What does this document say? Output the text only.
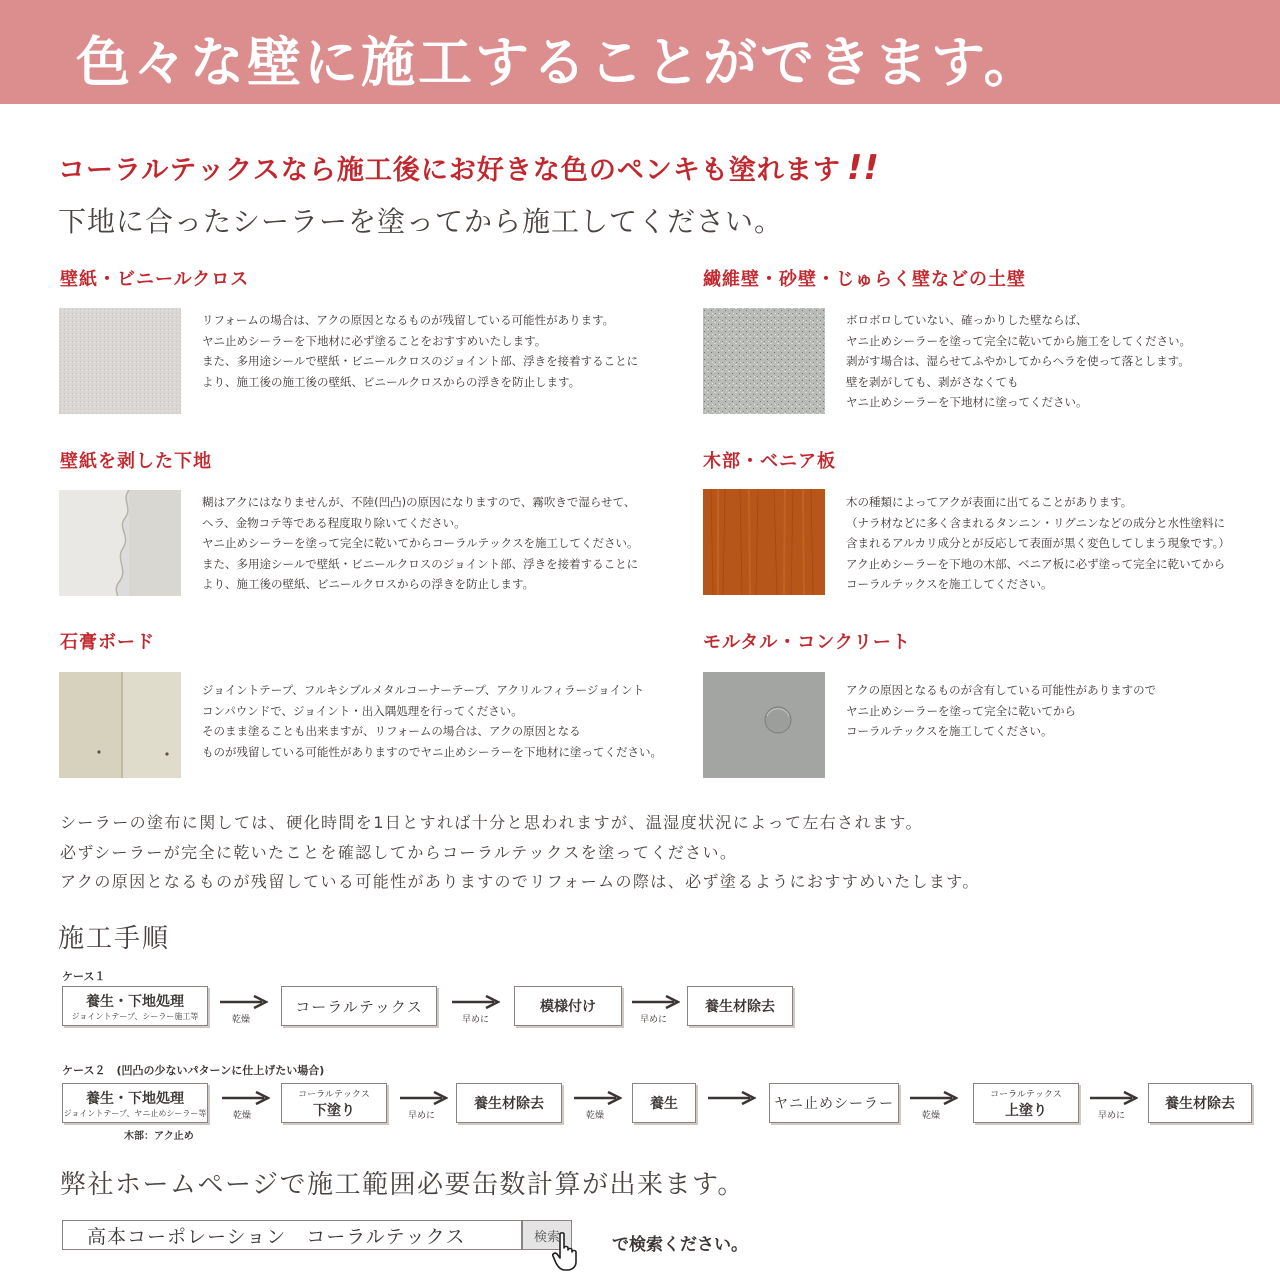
色々な壁に施工することができます。
コーラルテックスなら施工後にお好きな色のペンキも塗れます !!
下地に合ったシーラーを塗ってから施工してください。
壁紙・ビニールクロス
リフォームの場合は、アクの原因となるものが残留している可能性があります。
ヤニ止めシーラーを下地材に必ず塗ることをおすすめいたします。
また、多用途シールで壁紙・ビニールクロスのジョイント部、浮きを接着することに
より、施工後の施工後の壁紙、ビニールクロスからの浮きを防止します。
繊維壁・砂壁・じゅらく壁などの土壁
ボロボロしていない、確っかりした壁ならば、
ヤニ止めシーラーを塗って完全に乾いてから施工をしてください。
剥がす場合は、湿らせてふやかしてからヘラを使って落とします。
壁を剥がしても、剥がさなくても
ヤニ止めシーラーを下地材に塗ってください。
壁紙を剥した下地
糊はアクにはなりませんが、不陸(凹凸)の原因になりますので、霧吹きで湿らせて、
ヘラ、金物コテ等である程度取り除いてください。
ヤニ止めシーラーを塗って完全に乾いてからコーラルテックスを施工してください。
また、多用途シールで壁紙・ビニールクロスのジョイント部、浮きを接着することに
より、施工後の壁紙、ビニールクロスからの浮きを防止します。
木部・ベニア板
木の種類によってアクが表面に出てることがあります。
（ナラ材などに多く含まれるタンニン・リグニンなどの成分と水性塗料に
含まれるアルカリ成分とが反応して表面が黒く変色してしまう現象です。）
アク止めシーラーを下地の木部、ベニア板に必ず塗って完全に乾いてから
コーラルテックスを施工してください。
石膏ボード
ジョイントテープ、フルキシブルメタルコーナーテープ、アクリルフィラージョイント
コンパウンドで、ジョイント・出入隅処理を行ってください。
そのまま塗ることも出来ますが、リフォームの場合は、アクの原因となる
ものが残留している可能性がありますのでヤニ止めシーラーを下地材に塗ってください。
モルタル・コンクリート
アクの原因となるものが含有している可能性がありますので
ヤニ止めシーラーを塗って完全に乾いてから
コーラルテックスを施工してください。
シーラーの塗布に関しては、硬化時間を1日とすれば十分と思われますが、温湿度状況によって左右されます。
必ずシーラーが完全に乾いたことを確認してからコーラルテックスを塗ってください。
アクの原因となるものが残留している可能性がありますのでリフォームの際は、必ず塗るようにおすすめいたします。
施工手順
ケース１
養生・下地処理
ジョイントテープ、シーラー施工等	乾燥
コーラルテックス
早めに
模様付け
早めに
養生材除去
ケース２　(凹凸の少ないパターンに仕上げたい場合)
養生・下地処理
ジョイントテープ、ヤニ止めシーラー等
木部：アク止め
乾燥
コーラルテックス
下塗り	早めに
養生材除去
乾燥
養生	ヤニ止めシーラー
乾燥
コーラルテックス
上塗り	早めに
養生材除去
弊社ホームページで施工範囲必要缶数計算が出来ます。
高本コーポレーション　コーラルテックス
検索	で検索ください。
